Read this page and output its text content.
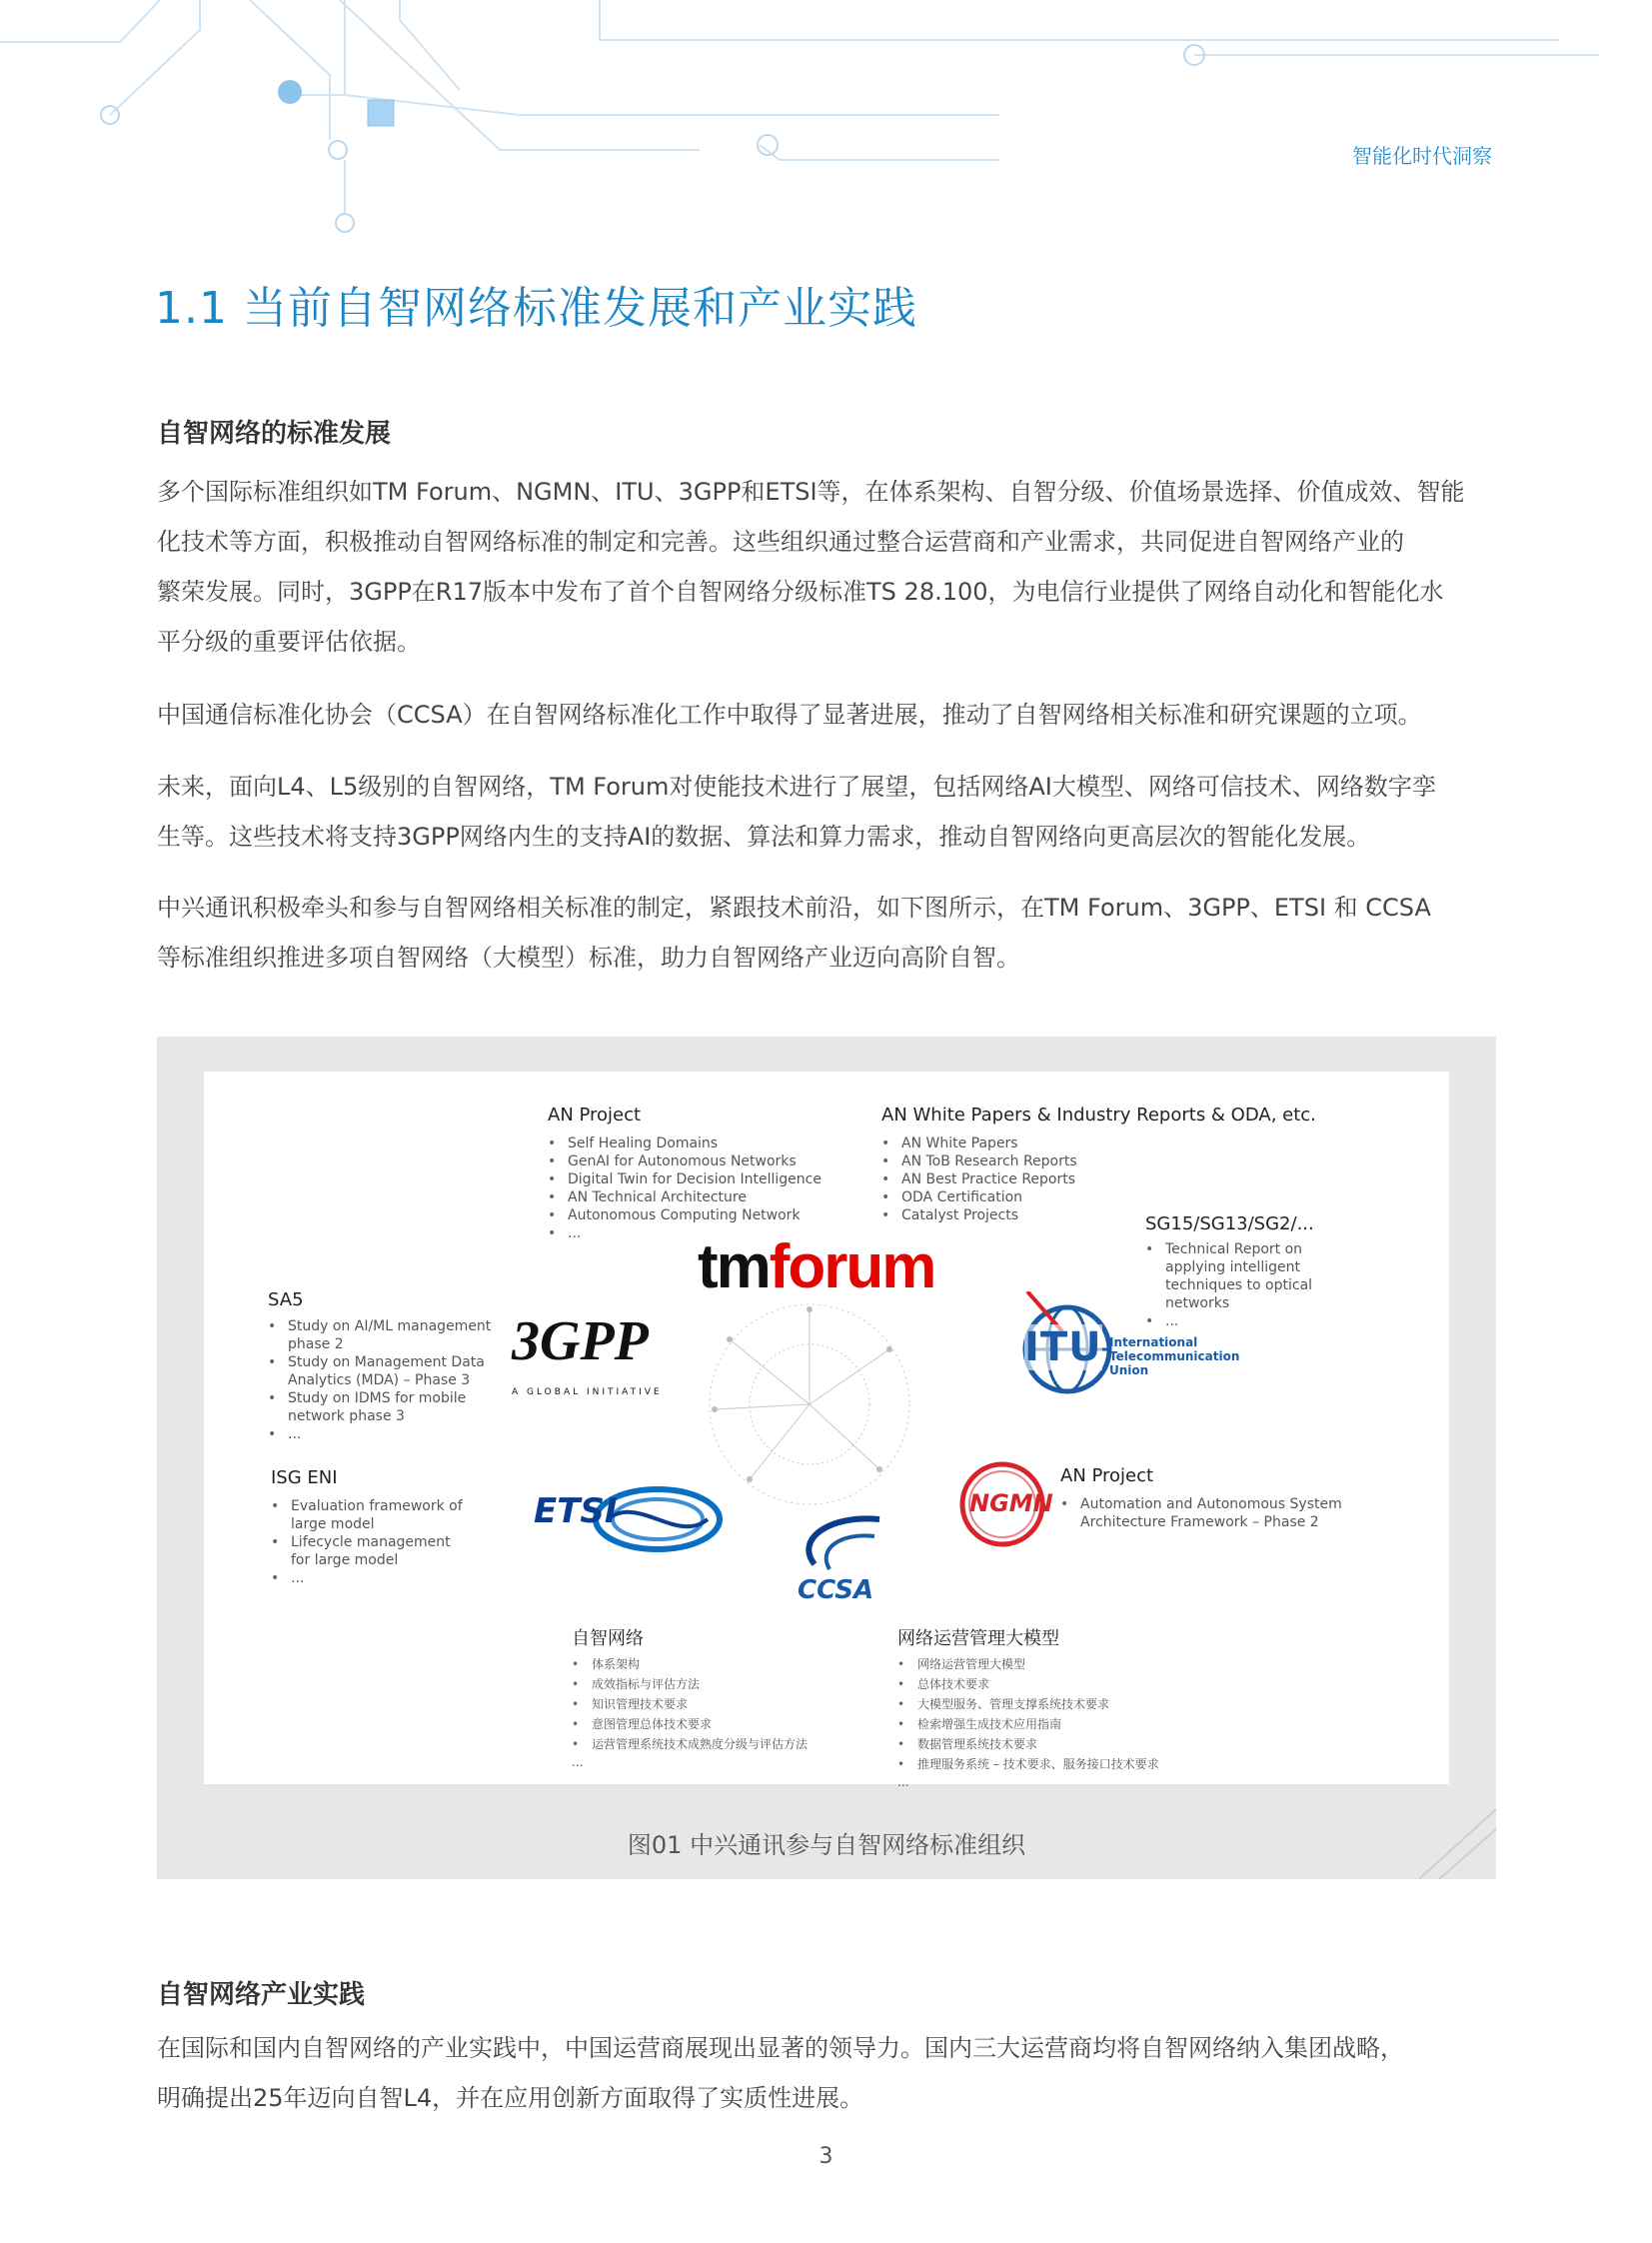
智能化时代洞察
1.1 当前自智网络标准发展和产业实践
自智网络的标准发展
多个国际标准组织如TM Forum、NGMN、ITU、3GPP和ETSI等，在体系架构、自智分级、价值场景选择、价值成效、智能
化技术等方面，积极推动自智网络标准的制定和完善。这些组织通过整合运营商和产业需求，共同促进自智网络产业的
繁荣发展。同时，3GPP在R17版本中发布了首个自智网络分级标准TS 28.100，为电信行业提供了网络自动化和智能化水
平分级的重要评估依据。
中国通信标准化协会（CCSA）在自智网络标准化工作中取得了显著进展，推动了自智网络相关标准和研究课题的立项。
未来，面向L4、L5级别的自智网络，TM Forum对使能技术进行了展望，包括网络AI大模型、网络可信技术、网络数字孪
生等。这些技术将支持3GPP网络内生的支持AI的数据、算法和算力需求，推动自智网络向更高层次的智能化发展。
中兴通讯积极牵头和参与自智网络相关标准的制定，紧跟技术前沿，如下图所示，在TM Forum、3GPP、ETSI 和 CCSA
等标准组织推进多项自智网络（大模型）标准，助力自智网络产业迈向高阶自智。
AN Project
• Self Healing Domains
• GenAI for Autonomous Networks
• Digital Twin for Decision Intelligence
• AN Technical Architecture
• Autonomous Computing Network
• ...
AN White Papers & Industry Reports & ODA, etc.
• AN White Papers
• AN ToB Research Reports
• AN Best Practice Reports
• ODA Certification
• Catalyst Projects	SG15/SG13/SG2/...
• Technical Report on applying intelligent techniques to optical networks
• ...
SA5
• Study on AI/ML management phase 2
• Study on Management Data Analytics (MDA) – Phase 3
• Study on IDMS for mobile network phase 3
• ...
ISG ENI
• Evaluation framework of large model
• Lifecycle management for large model
• ...
AN Project
• Automation and Autonomous System Architecture Framework – Phase 2
自智网络
• 体系架构
• 成效指标与评估方法
• 知识管理技术要求
• 意图管理总体技术要求
• 运营管理系统技术成熟度分级与评估方法
...
网络运营管理大模型
• 网络运营管理大模型
• 总体技术要求
• 大模型服务、管理支撑系统技术要求
• 检索增强生成技术应用指南
• 数据管理系统技术要求
• 推理服务系统 – 技术要求、服务接口技术要求
...
tmforum
3GPP
A GLOBAL INITIATIVE
ITU International
Telecommunication
Union
ETSI
CCSA
NGMN
图01 中兴通讯参与自智网络标准组织
自智网络产业实践
在国际和国内自智网络的产业实践中，中国运营商展现出显著的领导力。国内三大运营商均将自智网络纳入集团战略，
明确提出25年迈向自智L4，并在应用创新方面取得了实质性进展。
3
